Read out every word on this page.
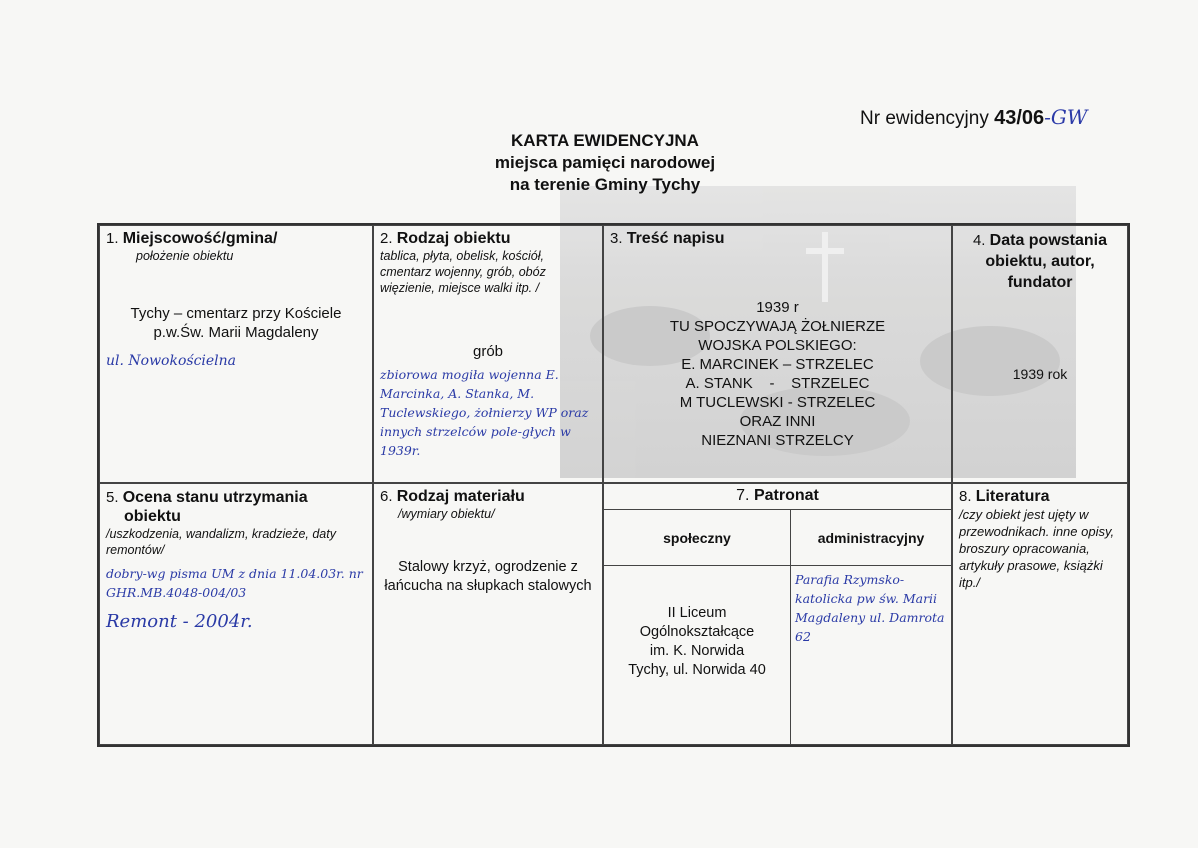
Nr ewidencyjny 43/06-GW
KARTA EWIDENCYJNA
miejsca pamięci narodowej
na terenie Gminy Tychy
1. Miejscowość/gmina/
położenie obiektu
Tychy – cmentarz przy Kościele
p.w.Św. Marii Magdaleny
ul. Nowokościelna
2. Rodzaj obiektu
tablica, płyta, obelisk, kościół, cmentarz wojenny, grób, obóz więzienie, miejsce walki itp. /
grób
zbiorowa mogiła wojenna E. Marcinka, A. Stanka, M. Tuclewskiego, żołnierzy WP oraz innych strzelców pole-głych w 1939r.
3. Treść napisu
1939 r
TU SPOCZYWAJĄ ŻOŁNIERZE
WOJSKA POLSKIEGO:
E. MARCINEK – STRZELEC
A. STANK    -    STRZELEC
M TUCLEWSKI - STRZELEC
ORAZ INNI
NIEZNANI STRZELCY
4. Data powstania
obiektu, autor,
fundator
1939 rok
5. Ocena stanu utrzymania
obiektu
/uszkodzenia, wandalizm, kradzieże, daty remontów/
dobry-wg pisma UM z dnia 11.04.03r. nr GHR.MB.4048-004/03
Remont - 2004r.
6. Rodzaj materiału
/wymiary obiektu/
Stalowy krzyż, ogrodzenie z łańcucha na słupkach stalowych
7. Patronat
społeczny	administracyjny
II Liceum
Ogólnokształcące
im. K. Norwida
Tychy, ul. Norwida 40
Parafia Rzymsko-katolicka pw św. Marii Magdaleny ul. Damrota 62
8. Literatura
/czy obiekt jest ujęty w przewodnikach. inne opisy, broszury opracowania, artykuły prasowe, książki itp./
